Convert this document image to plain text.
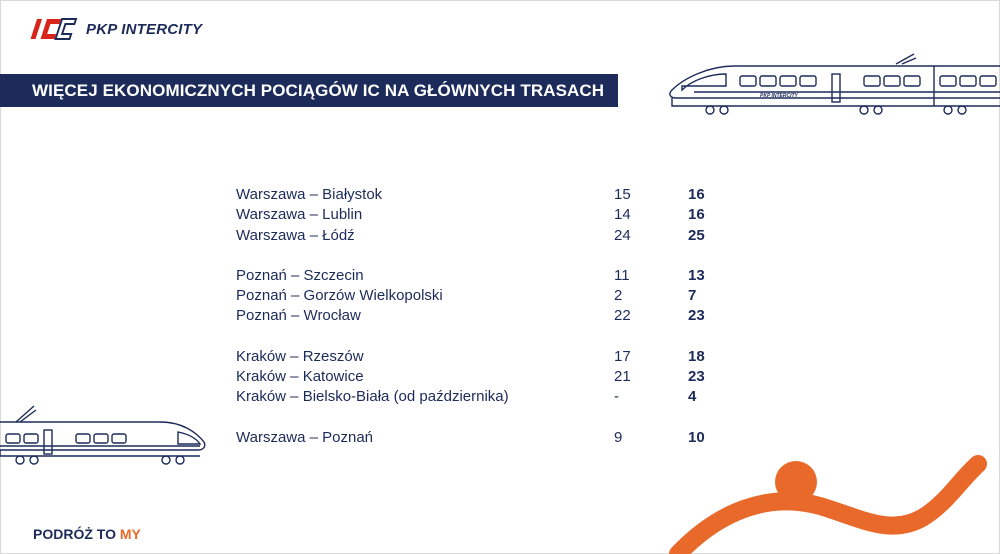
PKP INTERCITY
WIĘCEJ EKONOMICZNYCH POCIĄGÓW IC NA GŁÓWNYCH TRASACH	PKP INTERCITY
Warszawa – Białystok	15	16
Warszawa – Lublin	14	16
Warszawa – Łódź	24	25
Poznań – Szczecin	11	13
Poznań – Gorzów Wielkopolski	2	7
Poznań – Wrocław	22	23
Kraków – Rzeszów	17	18
Kraków – Katowice	21	23
Kraków – Bielsko-Biała (od października)	-	4
Warszawa – Poznań	9	10
PODRÓŻ TO MY
